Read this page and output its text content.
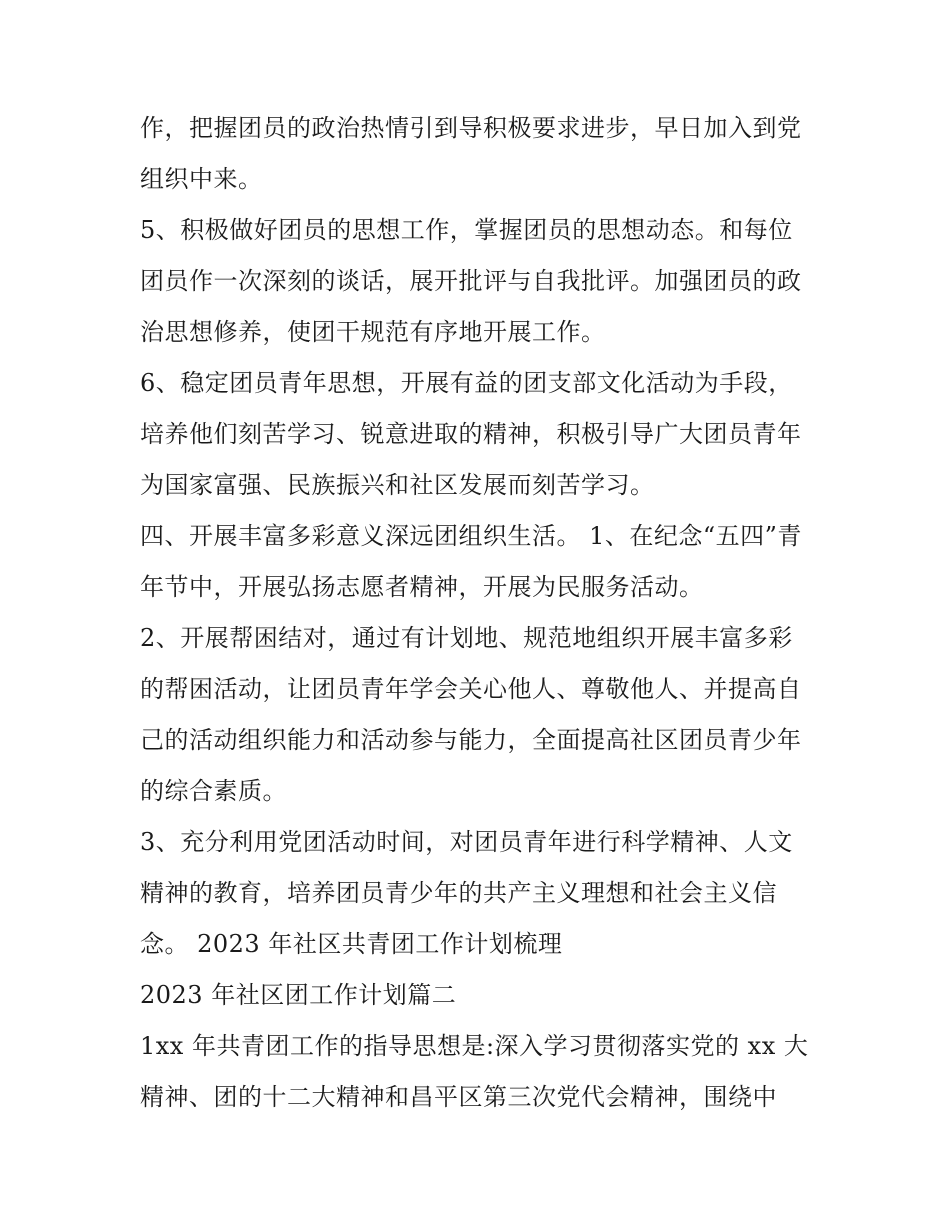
作，把握团员的政治热情引到导积极要求进步，早日加入到党
组织中来。
5、积极做好团员的思想工作，掌握团员的思想动态。和每位
团员作一次深刻的谈话，展开批评与自我批评。加强团员的政
治思想修养，使团干规范有序地开展工作。
6、稳定团员青年思想，开展有益的团支部文化活动为手段，
培养他们刻苦学习、锐意进取的精神，积极引导广大团员青年
为国家富强、民族振兴和社区发展而刻苦学习。
四、开展丰富多彩意义深远团组织生活。 1、在纪念“五四”青
年节中，开展弘扬志愿者精神，开展为民服务活动。
2、开展帮困结对，通过有计划地、规范地组织开展丰富多彩
的帮困活动，让团员青年学会关心他人、尊敬他人、并提高自
己的活动组织能力和活动参与能力，全面提高社区团员青少年
的综合素质。
3、充分利用党团活动时间，对团员青年进行科学精神、人文
精神的教育，培养团员青少年的共产主义理想和社会主义信
念。 2023 年社区共青团工作计划梳理
2023 年社区团工作计划篇二
1xx 年共青团工作的指导思想是:深入学习贯彻落实党的 xx 大
精神、团的十二大精神和昌平区第三次党代会精神，围绕中
